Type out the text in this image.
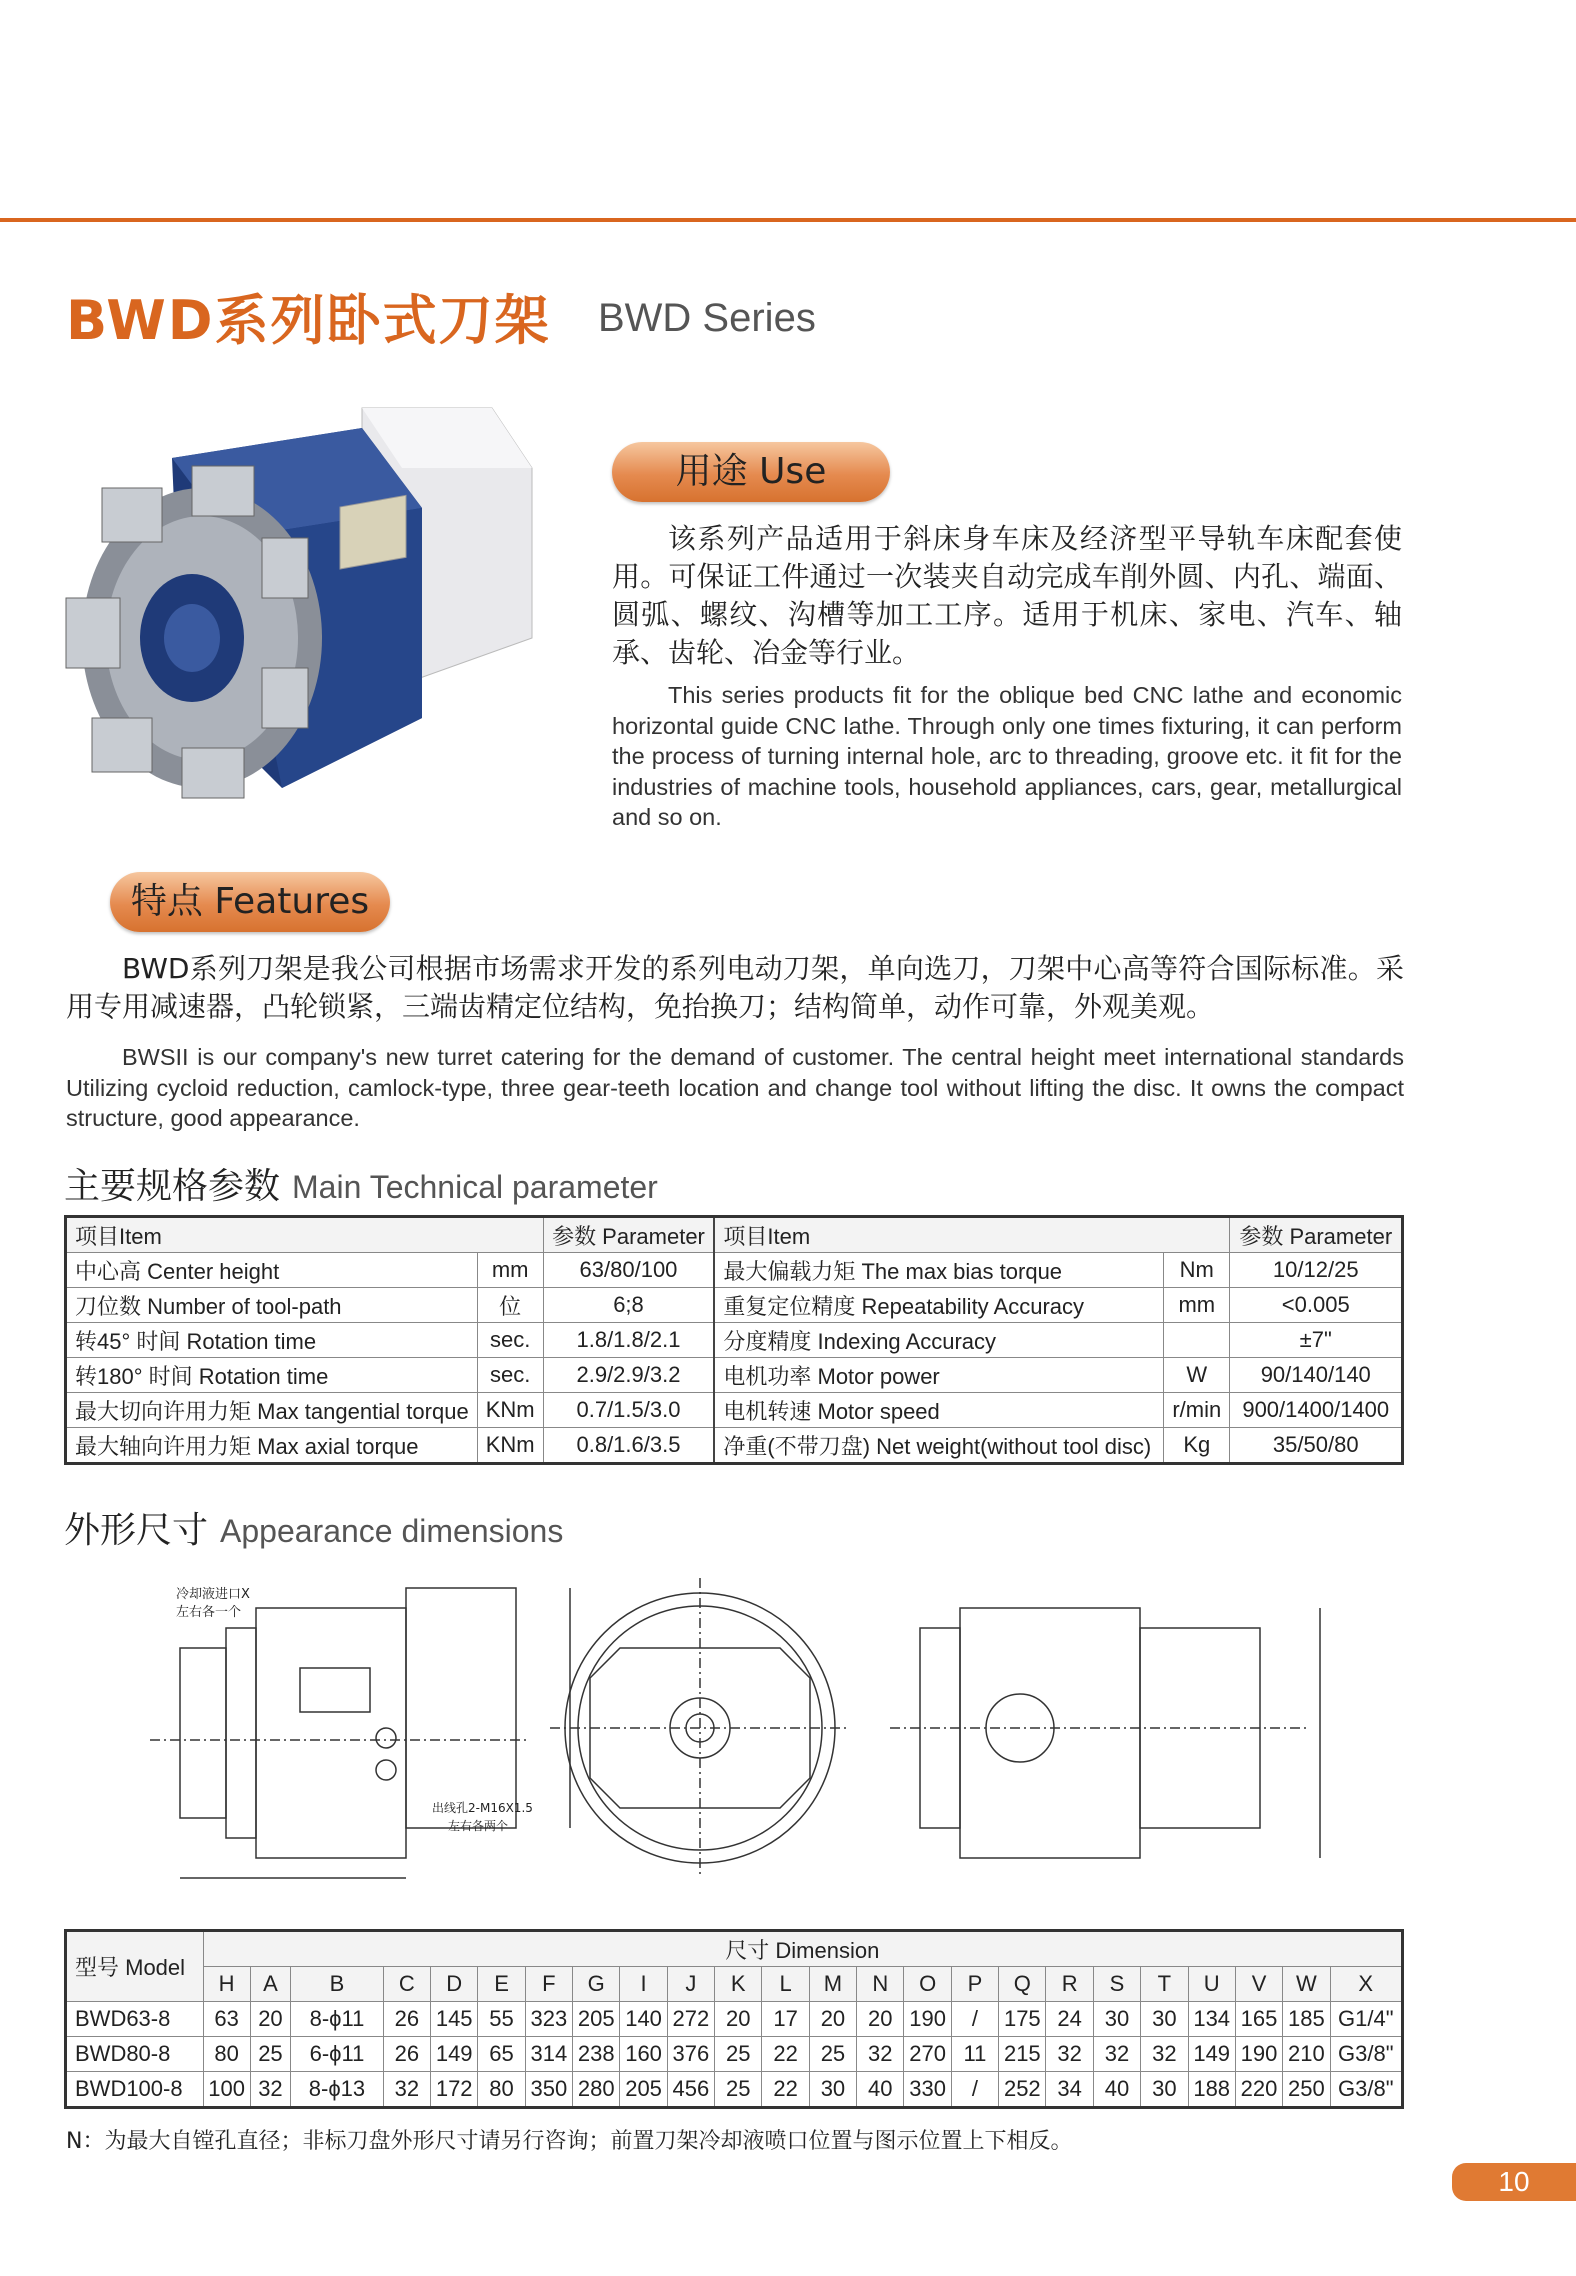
BWD系列卧式刀架 BWD Series
用途 Use
该系列产品适用于斜床身车床及经济型平导轨车床配套使用。可保证工件通过一次装夹自动完成车削外圆、内孔、端面、圆弧、螺纹、沟槽等加工工序。适用于机床、家电、汽车、轴承、齿轮、冶金等行业。
This series products fit for the oblique bed CNC lathe and economic horizontal guide CNC lathe. Through only one times fixturing, it can perform the process of turning internal hole, arc to threading, groove etc. it fit for the industries of machine tools, household appliances, cars, gear, metallurgical and so on.
特点 Features
BWD系列刀架是我公司根据市场需求开发的系列电动刀架，单向选刀，刀架中心高等符合国际标准。采用专用减速器，凸轮锁紧，三端齿精定位结构，免抬换刀；结构简单，动作可靠，外观美观。
BWSII is our company's new turret catering for the demand of customer. The central height meet international standards Utilizing cycloid reduction, camlock-type, three gear-teeth location and change tool without lifting the disc. It owns the compact structure, good appearance.
主要规格参数 Main Technical parameter
项目Item		参数 Parameter	项目Item		参数 Parameter
中心高 Center height	mm	63/80/100	最大偏载力矩 The max bias torque	Nm	10/12/25
刀位数 Number of tool-path	位	6;8	重复定位精度 Repeatability Accuracy	mm	<0.005
转45° 时间 Rotation time	sec.	1.8/1.8/2.1	分度精度 Indexing Accuracy		±7"
转180° 时间 Rotation time	sec.	2.9/2.9/3.2	电机功率 Motor power	W	90/140/140
最大切向许用力矩 Max tangential torque	KNm	0.7/1.5/3.0	电机转速 Motor speed	r/min	900/1400/1400
最大轴向许用力矩 Max axial torque	KNm	0.8/1.6/3.5	净重(不带刀盘) Net weight(without tool disc)	Kg	35/50/80
外形尺寸 Appearance dimensions
冷却液进口X
左右各一个
出线孔2-M16X1.5
左右各两个
型号 Model	尺寸 Dimension																							
	H	A	B	C	D	E	F	G	I	J	K	L	M	N	O	P	Q	R	S	T	U	V	W	X
BWD63-8	63	20	8-ϕ11	26	145	55	323	205	140	272	20	17	20	20	190	/	175	24	30	30	134	165	185	G1/4"
BWD80-8	80	25	6-ϕ11	26	149	65	314	238	160	376	25	22	25	32	270	11	215	32	32	32	149	190	210	G3/8"
BWD100-8	100	32	8-ϕ13	32	172	80	350	280	205	456	25	22	30	40	330	/	252	34	40	30	188	220	250	G3/8"
N：为最大自镗孔直径；非标刀盘外形尺寸请另行咨询；前置刀架冷却液喷口位置与图示位置上下相反。
10
